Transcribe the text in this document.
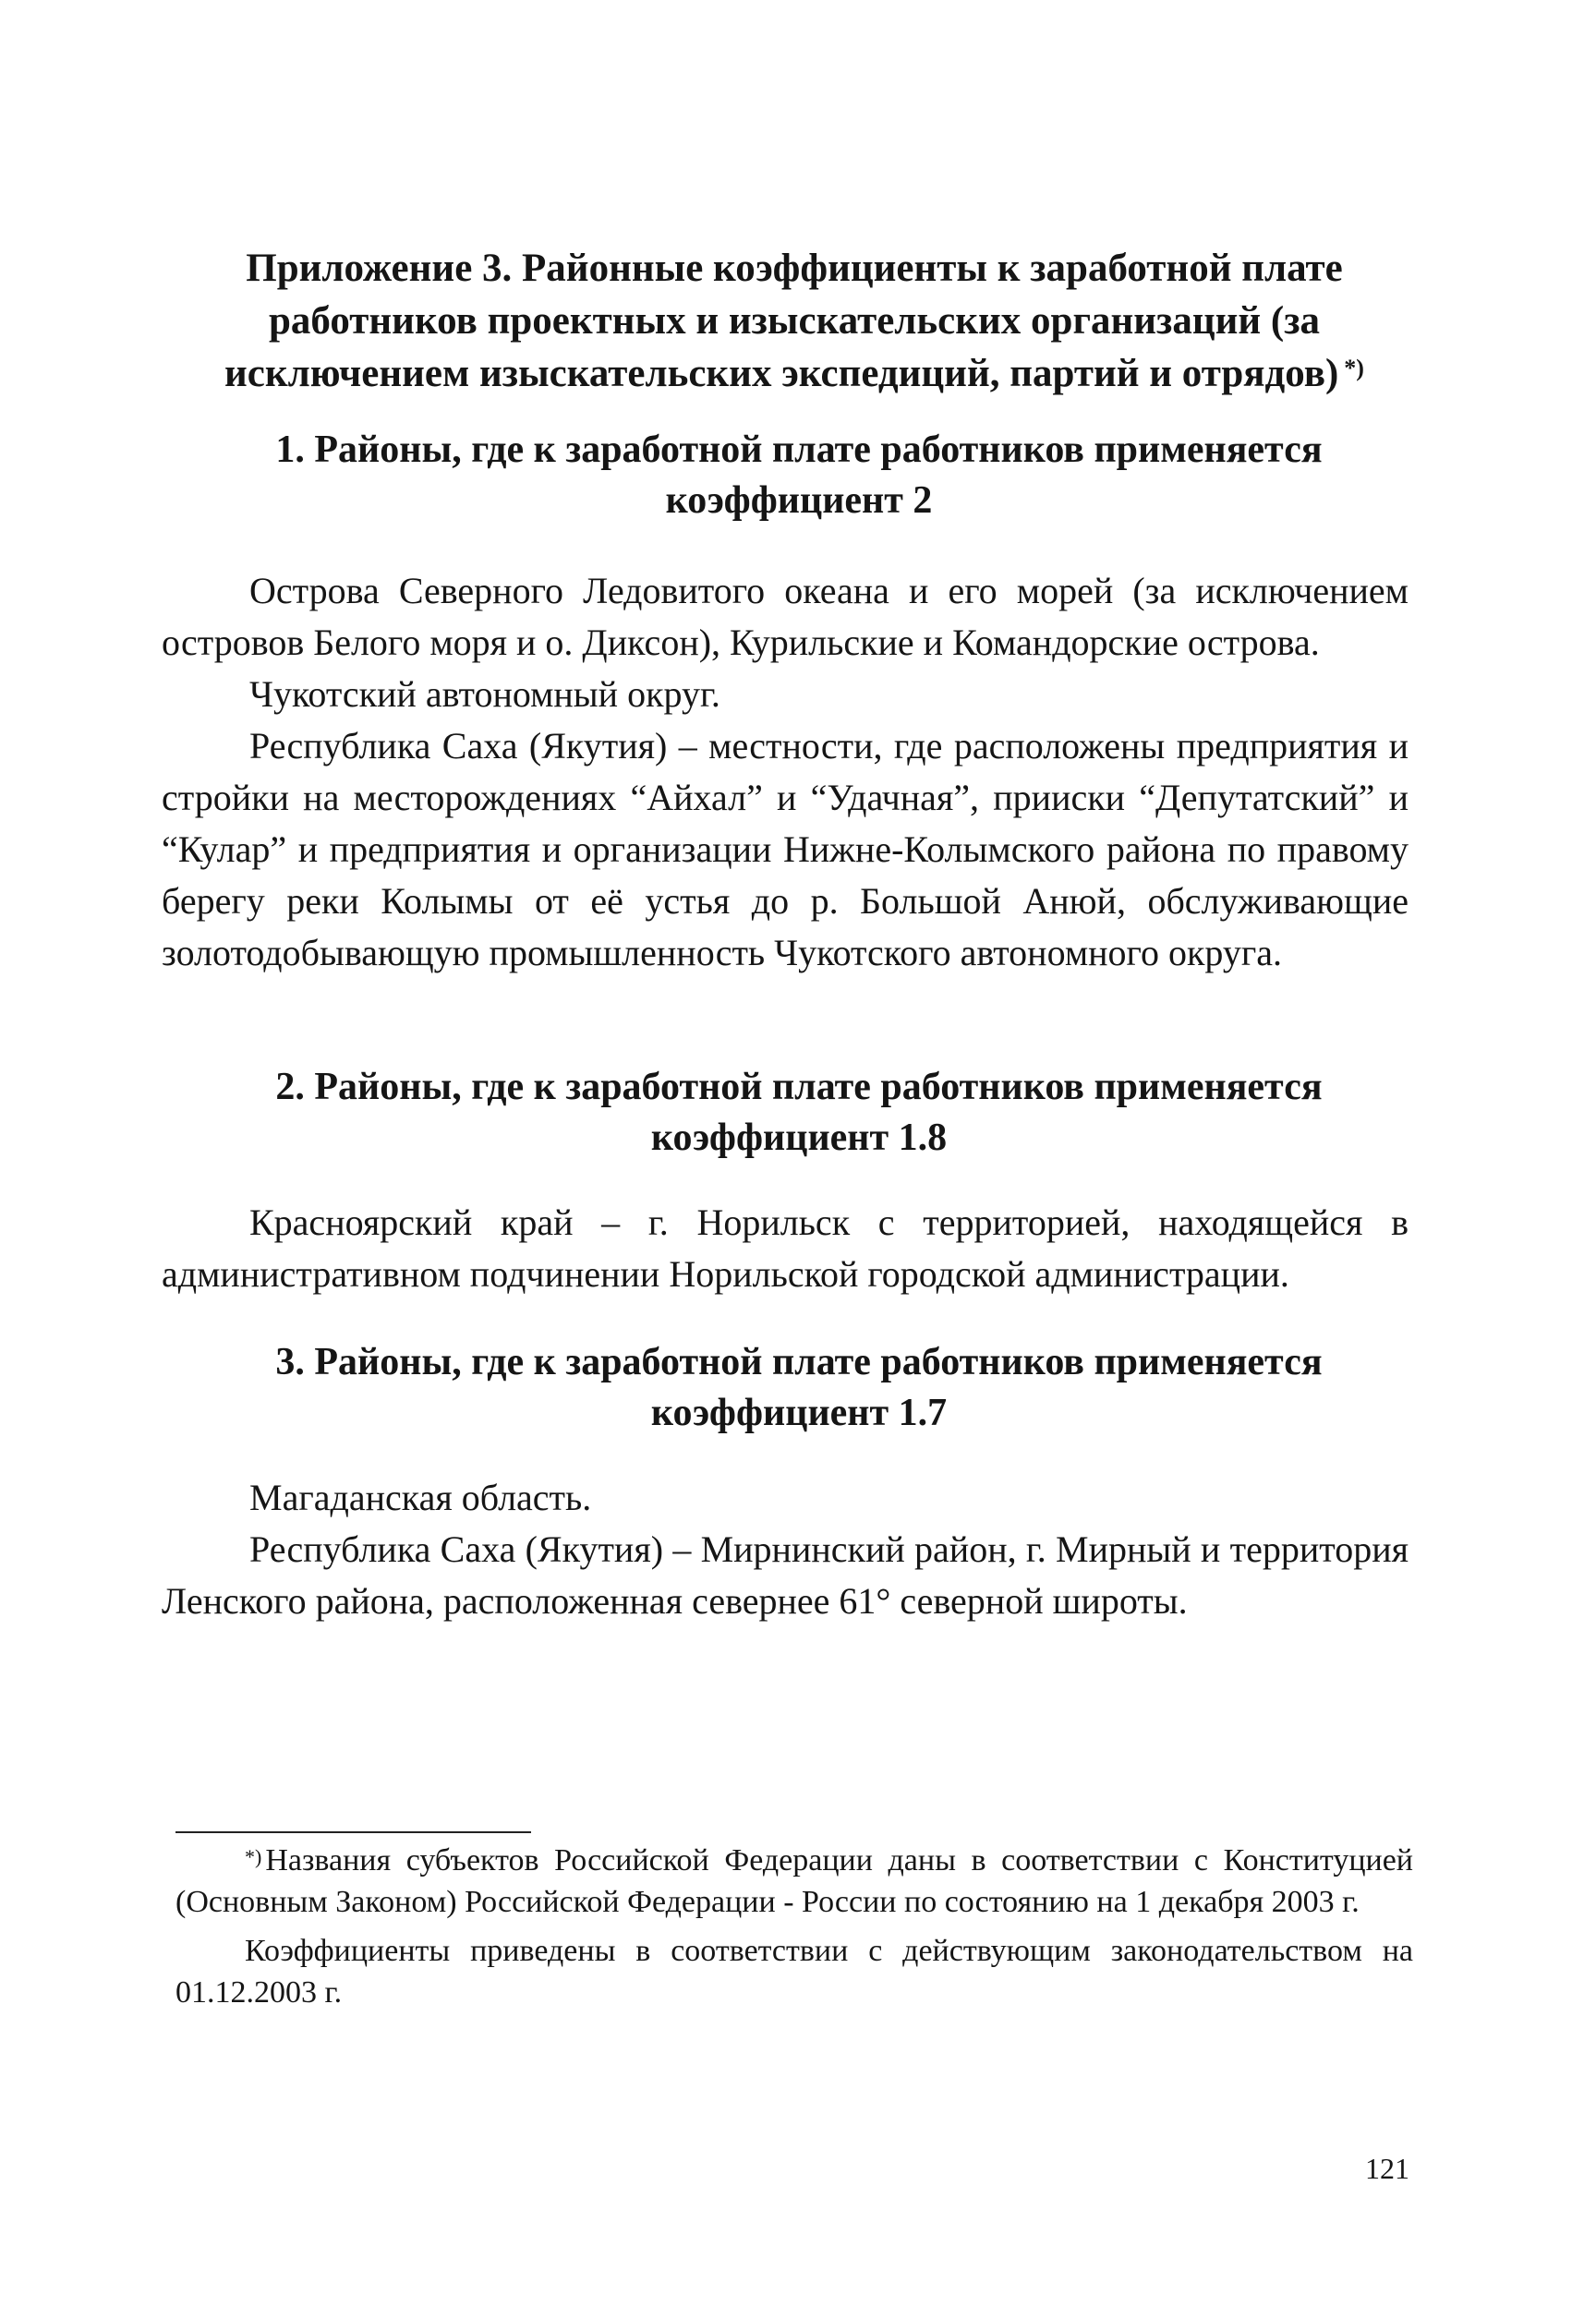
Приложение 3. Районные коэффициенты к заработной плате работников проектных и изыскательских организаций (за исключением изыскательских экспедиций, партий и отрядов) *)
1. Районы, где к заработной плате работников применяется коэффициент 2

Острова Северного Ледовитого океана и его морей (за исключением островов Белого моря и о. Диксон), Курильские и Командорские острова.

Чукотский автономный округ.

Республика Саха (Якутия) – местности, где расположены предприятия и стройки на месторождениях “Айхал” и “Удачная”, прииски “Депутатский” и “Кулар” и предприятия и организации Нижне-Колымского района по правому берегу реки Колымы от её устья до р. Большой Анюй, обслуживающие золотодобывающую промышленность Чукотского автономного округа.

2. Районы, где к заработной плате работников применяется коэффициент 1.8

Красноярский край – г. Норильск с территорией, находящейся в административном подчинении Норильской городской администрации.

3. Районы, где к заработной плате работников применяется коэффициент 1.7

Магаданская область.

Республика Саха (Якутия) – Мирнинский район, г. Мирный и территория Ленского района, расположенная севернее 61° северной широты.

*) Названия субъектов Российской Федерации даны в соответствии с Конституцией (Основным Законом) Российской Федерации - России по состоянию на 1 декабря 2003 г.

Коэффициенты приведены в соответствии с действующим законодательством на 01.12.2003 г.

121
